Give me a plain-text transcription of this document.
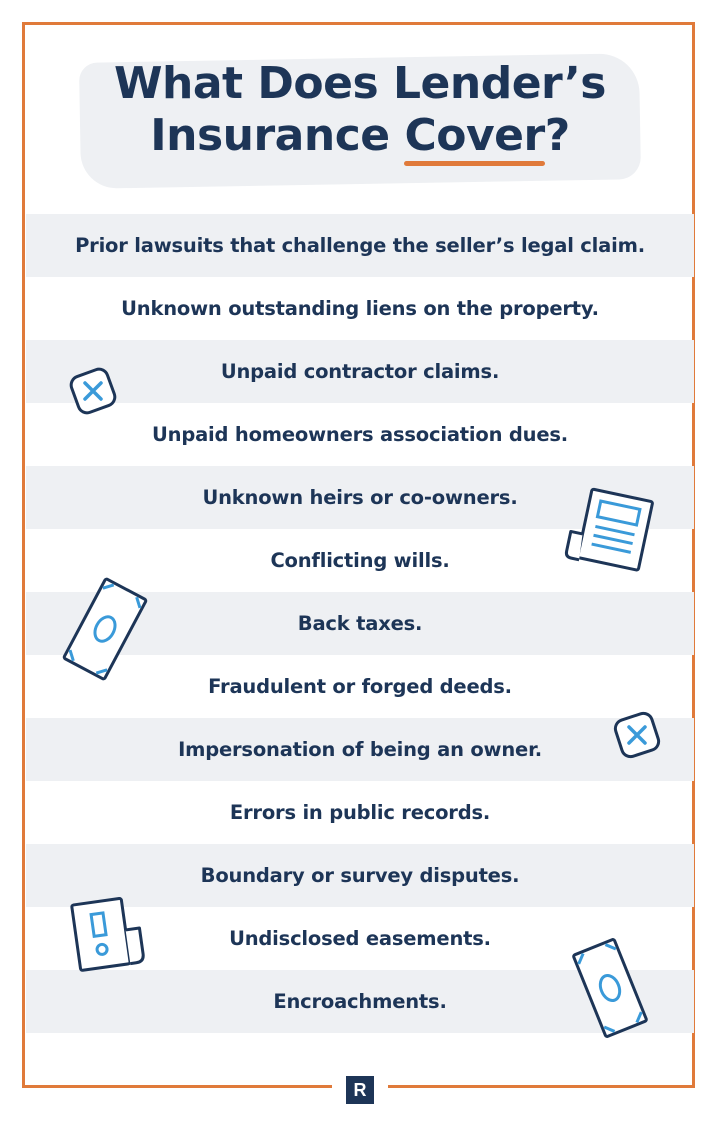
What Does Lender’s
Insurance Cover
?
Prior lawsuits that challenge the seller’s legal claim.
Unknown outstanding liens on the property.
Unpaid contractor claims.
Unpaid homeowners association dues.
Unknown heirs or co-owners.
Conflicting wills.
Back taxes.
Fraudulent or forged deeds.
Impersonation of being an owner.
Errors in public records.
Boundary or survey disputes.
Undisclosed easements.
Encroachments.
R
